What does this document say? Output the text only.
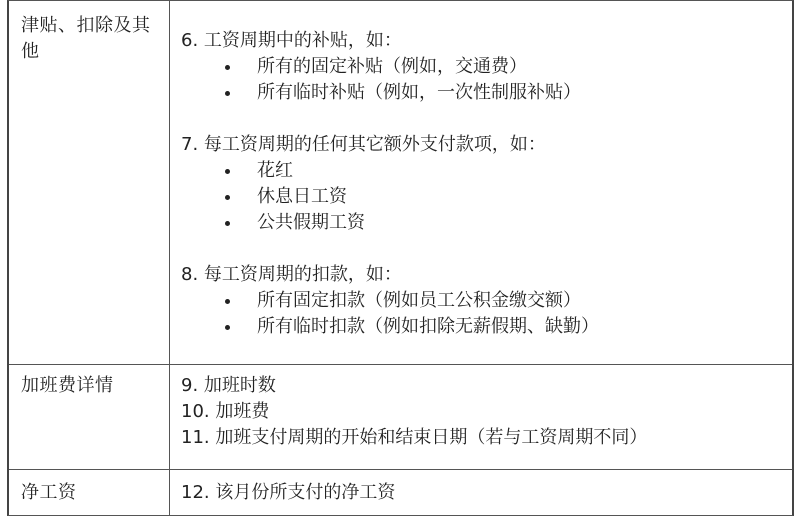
津贴、扣除及其他
6. 工资周期中的补贴，如：
所有的固定补贴（例如，交通费）
所有临时补贴（例如，一次性制服补贴）
7. 每工资周期的任何其它额外支付款项，如：
花红
休息日工资
公共假期工资
8. 每工资周期的扣款，如：
所有固定扣款（例如员工公积金缴交额）
所有临时扣款（例如扣除无薪假期、缺勤）
加班费详情	9. 加班时数
10. 加班费
11. 加班支付周期的开始和结束日期（若与工资周期不同）
净工资	12. 该月份所支付的净工资
